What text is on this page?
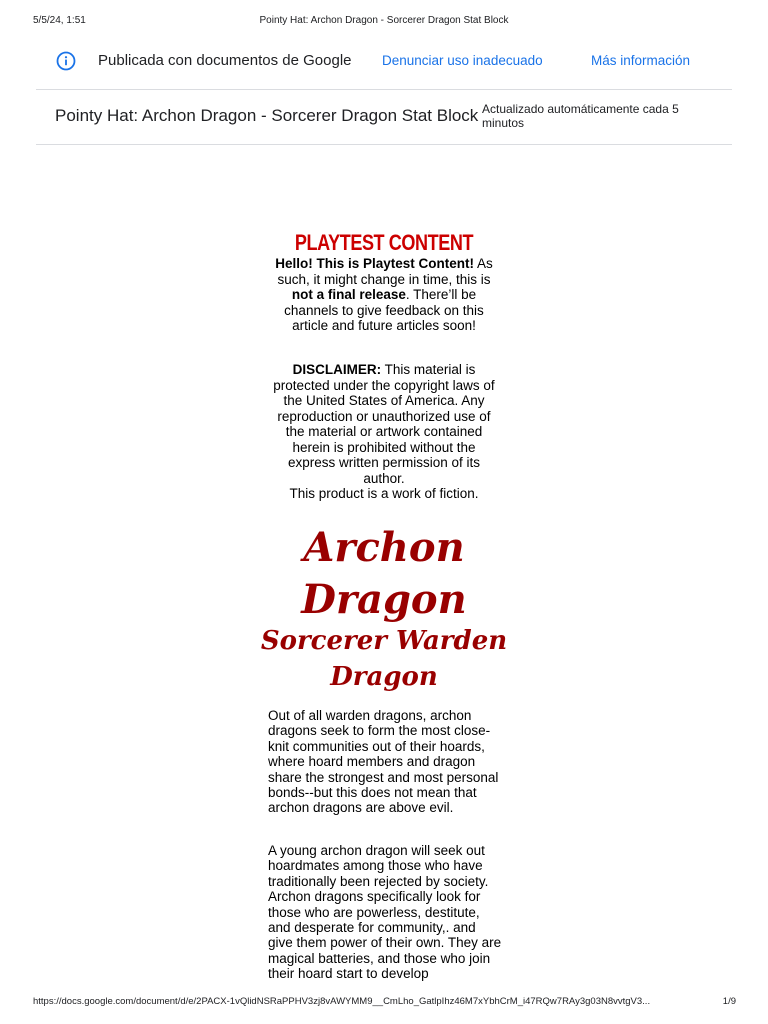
5/5/24, 1:51	Pointy Hat: Archon Dragon - Sorcerer Dragon Stat Block
Publicada con documentos de Google	Denunciar uso inadecuado	Más información
Pointy Hat: Archon Dragon - Sorcerer Dragon Stat Block Actualizado automáticamente cada 5 minutos
PLAYTEST CONTENT
Hello! This is Playtest Content! As such, it might change in time, this is not a final release. There’ll be channels to give feedback on this article and future articles soon!
DISCLAIMER: This material is protected under the copyright laws of the United States of America. Any reproduction or unauthorized use of the material or artwork contained herein is prohibited without the express written permission of its author.
This product is a work of fiction.
Archon
Dragon
Sorcerer Warden
Dragon
Out of all warden dragons, archon dragons seek to form the most close-knit communities out of their hoards, where hoard members and dragon share the strongest and most personal bonds--but this does not mean that archon dragons are above evil.
A young archon dragon will seek out hoardmates among those who have traditionally been rejected by society. Archon dragons specifically look for those who are powerless, destitute, and desperate for community,. and give them power of their own. They are magical batteries, and those who join their hoard start to develop
https://docs.google.com/document/d/e/2PACX-1vQlidNSRaPPHV3zj8vAWYMM9__CmLho_GatlpIhz46M7xYbhCrM_i47RQw7RAy3g03N8vvtgV3...	1/9
